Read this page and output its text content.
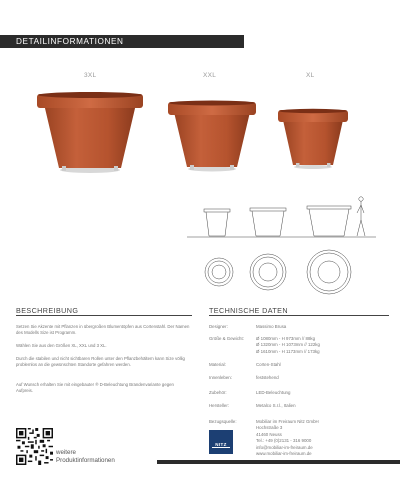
DETAILINFORMATIONEN
3XL	XXL	XL
BESCHREIBUNG
Setzen Sie Akzente mit Pflanzen in übergroßen Blumentöpfen aus Cortenstahl. Der Namen des Modells Size ist Programm.
Wählen Sie aus den Größen XL, XXL und 3 XL.
Durch die stabilen und nicht sichtbaren Rollen unter den Pflanzbehältern kann Size völlig problemlos an die gewünschten Standorte gefahren werden.
Auf Wunsch erhalten Sie mit eingebauter ® D-Beleuchtung Brandenvariante gegen Aufpreis.
TECHNISCHE DATEN
Designer:	Massimo Brusa
Größe & Gewicht:	Ø 1080mm - H 973mm // 88kg
Ø 1320mm - H 1073mm // 122kg
Ø 1610mm - H 1173mm // 173kg
Material:	Corten-Stahl
Innenleben:	feststehend
Zubehör:	LED-Beleuchtung
Hersteller:	Metalco S.r.l., Italien
Bezugsquelle:	Mobiliar im Freiraum Nitz GmbH
Hochstraße 3
41460 Neuss
Tel.: +49 (0)2131 - 316 9000
info@mobiliar-im-freiraum.de
www.mobiliar-im-freiraum.de
NITZ
weitere
Produktinformationen
